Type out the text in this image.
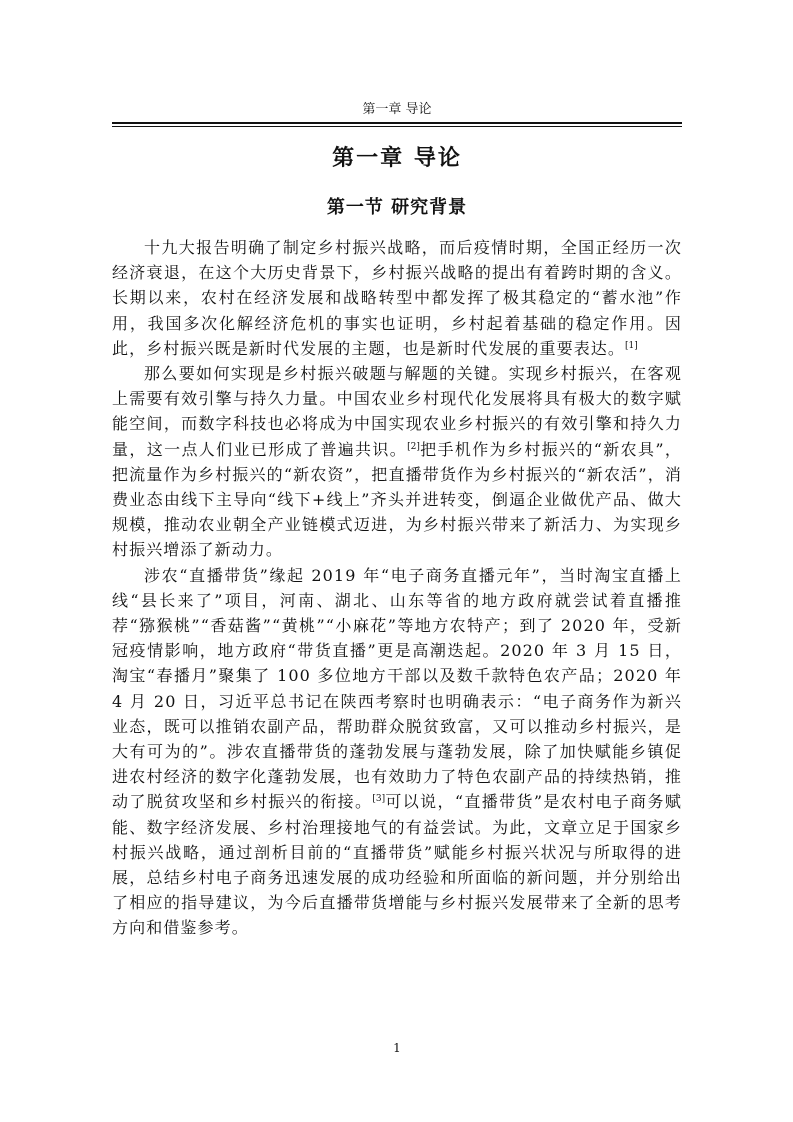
第一章 导论
第一章 导论
第一节 研究背景

十九大报告明确了制定乡村振兴战略，而后疫情时期，全国正经历一次经济衰退，在这个大历史背景下，乡村振兴战略的提出有着跨时期的含义。长期以来，农村在经济发展和战略转型中都发挥了极其稳定的“蓄水池”作用，我国多次化解经济危机的事实也证明，乡村起着基础的稳定作用。因此，乡村振兴既是新时代发展的主题，也是新时代发展的重要表达。[1]

那么要如何实现是乡村振兴破题与解题的关键。实现乡村振兴，在客观上需要有效引擎与持久力量。中国农业乡村现代化发展将具有极大的数字赋能空间，而数字科技也必将成为中国实现农业乡村振兴的有效引擎和持久力量，这一点人们业已形成了普遍共识。[2]把手机作为乡村振兴的“新农具”，把流量作为乡村振兴的“新农资”，把直播带货作为乡村振兴的“新农活”，消费业态由线下主导向“线下+线上”齐头并进转变，倒逼企业做优产品、做大规模，推动农业朝全产业链模式迈进，为乡村振兴带来了新活力、为实现乡村振兴增添了新动力。

涉农“直播带货”缘起 2019 年“电子商务直播元年”，当时淘宝直播上线“县长来了”项目，河南、湖北、山东等省的地方政府就尝试着直播推荐“猕猴桃”“香菇酱”“黄桃”“小麻花”等地方农特产；到了 2020 年，受新冠疫情影响，地方政府“带货直播”更是高潮迭起。2020 年 3 月 15 日，淘宝“春播月”聚集了 100 多位地方干部以及数千款特色农产品；2020 年 4 月 20 日，习近平总书记在陕西考察时也明确表示：“电子商务作为新兴业态，既可以推销农副产品，帮助群众脱贫致富，又可以推动乡村振兴，是大有可为的”。涉农直播带货的蓬勃发展与蓬勃发展，除了加快赋能乡镇促进农村经济的数字化蓬勃发展，也有效助力了特色农副产品的持续热销，推动了脱贫攻坚和乡村振兴的衔接。[3]可以说，“直播带货”是农村电子商务赋能、数字经济发展、乡村治理接地气的有益尝试。为此，文章立足于国家乡村振兴战略，通过剖析目前的“直播带货”赋能乡村振兴状况与所取得的进展，总结乡村电子商务迅速发展的成功经验和所面临的新问题，并分别给出了相应的指导建议，为今后直播带货增能与乡村振兴发展带来了全新的思考方向和借鉴参考。

1
